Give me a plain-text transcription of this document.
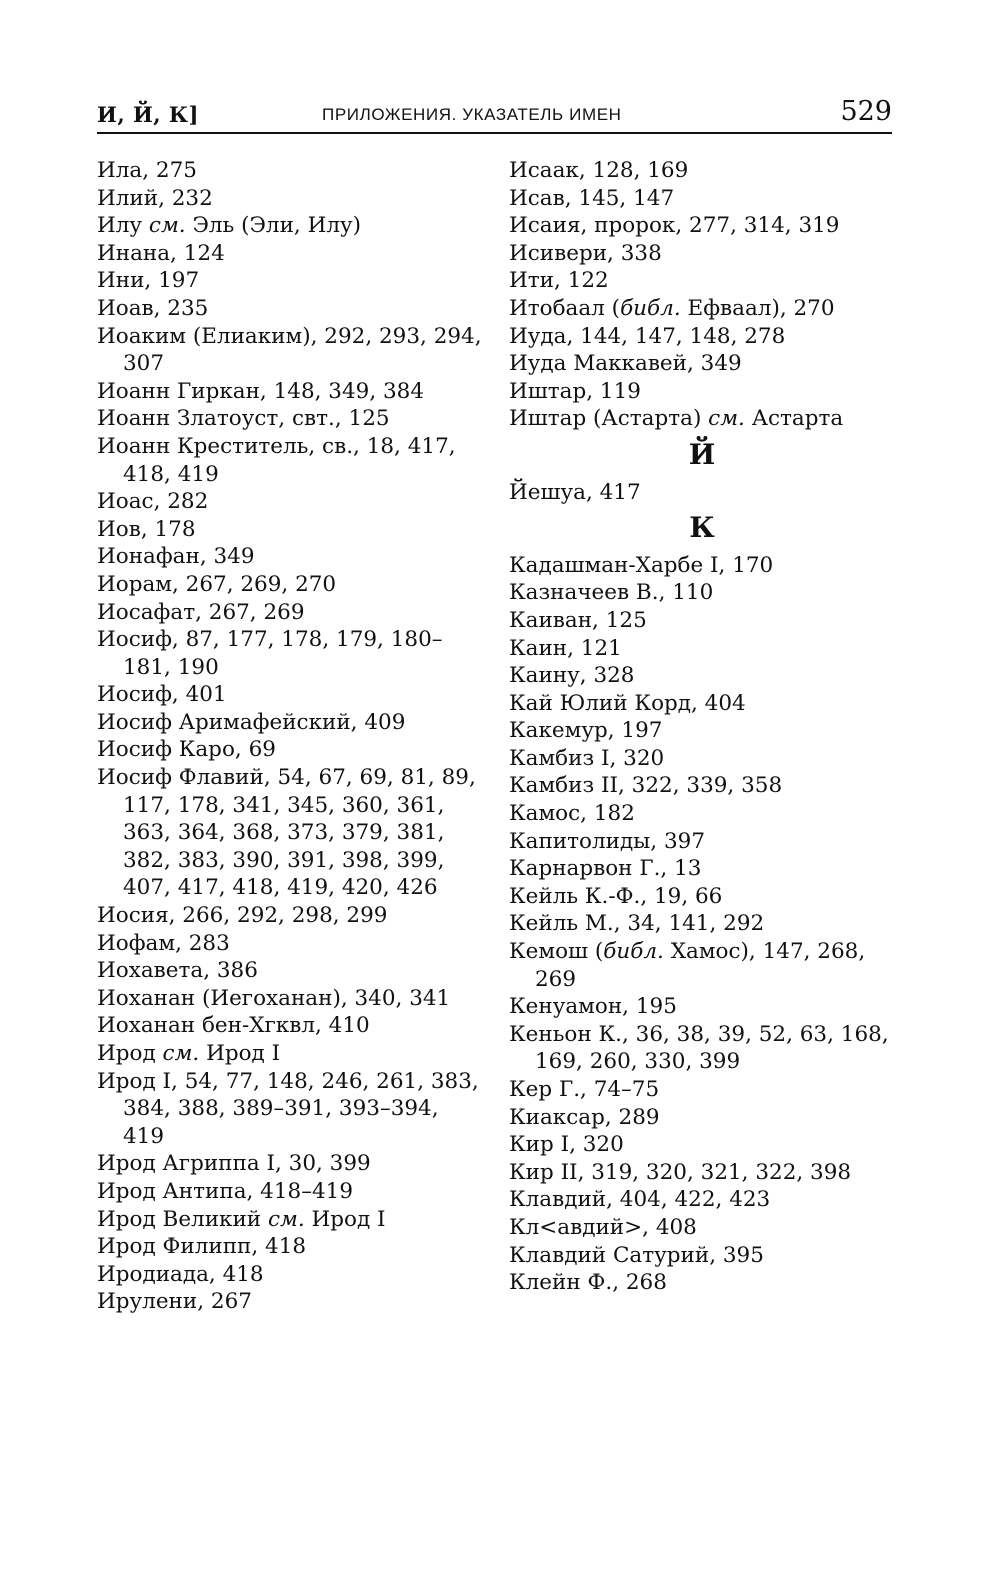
И, Й, К]	ПРИЛОЖЕНИЯ. УКАЗАТЕЛЬ ИМЕН	529
Ила, 275
Илий, 232
Илу см. Эль (Эли, Илу)
Инана, 124
Ини, 197
Иоав, 235
Иоаким (Елиаким), 292, 293, 294, 307
Иоанн Гиркан, 148, 349, 384
Иоанн Златоуст, свт., 125
Иоанн Креститель, св., 18, 417, 418, 419
Иоас, 282
Иов, 178
Ионафан, 349
Иорам, 267, 269, 270
Иосафат, 267, 269
Иосиф, 87, 177, 178, 179, 180–181, 190
Иосиф, 401
Иосиф Аримафейский, 409
Иосиф Каро, 69
Иосиф Флавий, 54, 67, 69, 81, 89, 117, 178, 341, 345, 360, 361, 363, 364, 368, 373, 379, 381, 382, 383, 390, 391, 398, 399, 407, 417, 418, 419, 420, 426
Иосия, 266, 292, 298, 299
Иофам, 283
Иохавета, 386
Иоханан (Иегоханан), 340, 341
Иоханан бен-Хгквл, 410
Ирод см. Ирод I
Ирод I, 54, 77, 148, 246, 261, 383, 384, 388, 389–391, 393–394, 419
Ирод Агриппа I, 30, 399
Ирод Антипа, 418–419
Ирод Великий см. Ирод I
Ирод Филипп, 418
Иродиада, 418
Ирулени, 267
Исаак, 128, 169
Исав, 145, 147
Исаия, пророк, 277, 314, 319
Исивери, 338
Ити, 122
Итобаал (библ. Ефваал), 270
Иуда, 144, 147, 148, 278
Иуда Маккавей, 349
Иштар, 119
Иштар (Астарта) см. Астарта
Й
Йешуа, 417
К
Кадашман-Харбе I, 170
Казначеев В., 110
Каиван, 125
Каин, 121
Каину, 328
Кай Юлий Корд, 404
Какемур, 197
Камбиз I, 320
Камбиз II, 322, 339, 358
Камос, 182
Капитолиды, 397
Карнарвон Г., 13
Кейль К.-Ф., 19, 66
Кейль М., 34, 141, 292
Кемош (библ. Хамос), 147, 268, 269
Кенуамон, 195
Кеньон К., 36, 38, 39, 52, 63, 168, 169, 260, 330, 399
Кер Г., 74–75
Киаксар, 289
Кир I, 320
Кир II, 319, 320, 321, 322, 398
Клавдий, 404, 422, 423
Кл<авдий>, 408
Клавдий Сатурий, 395
Клейн Ф., 268
